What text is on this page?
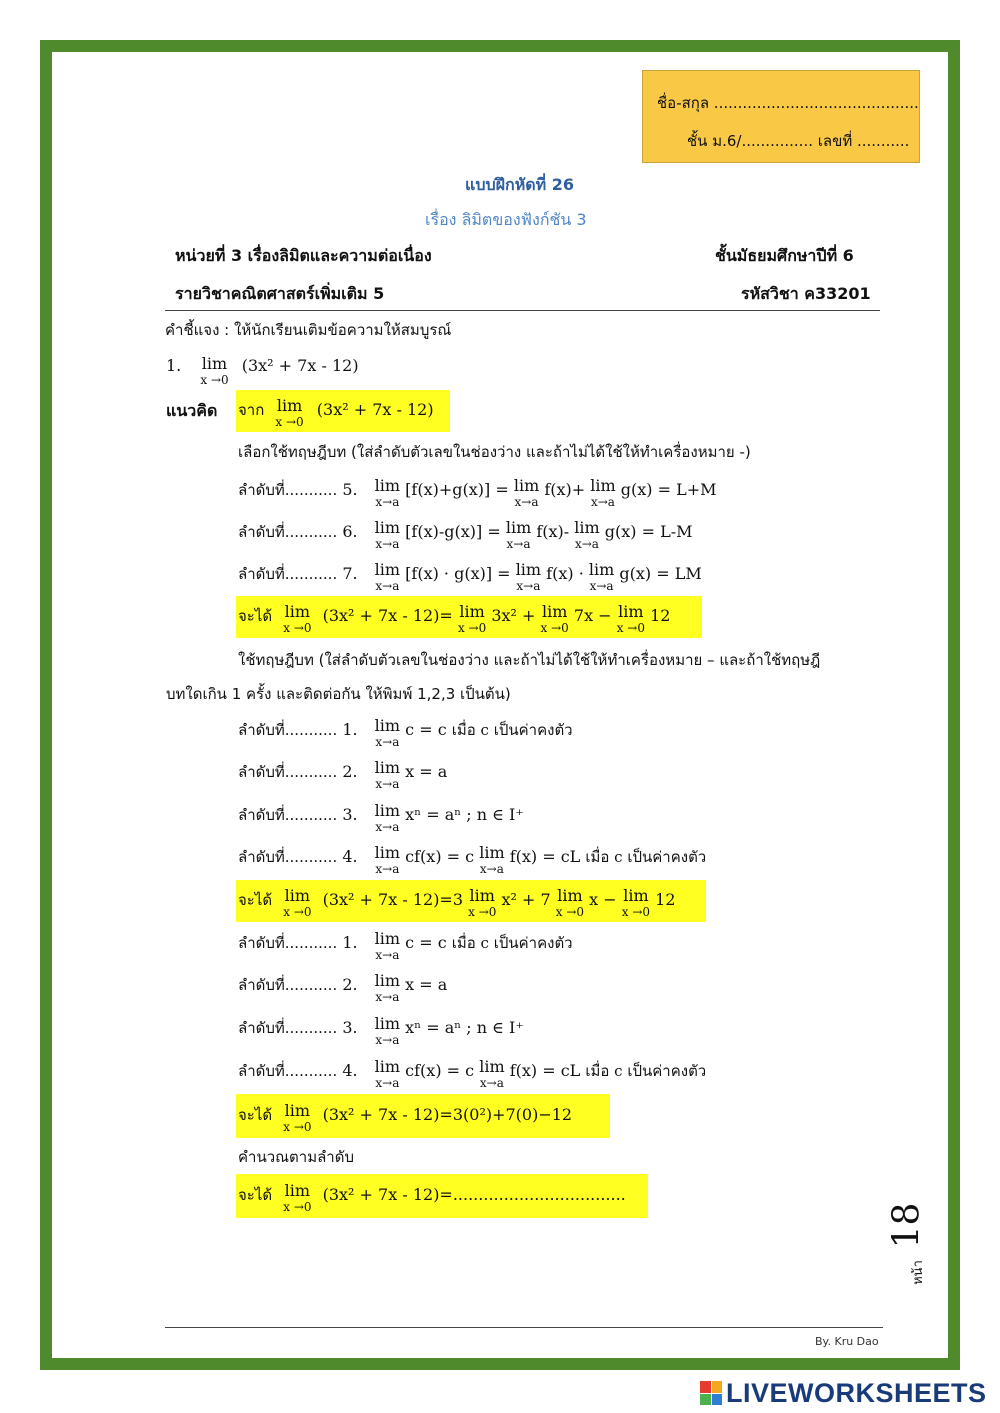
ชื่อ-สกุล ...........................................
ชั้น ม.6/............... เลขที่ ...........
แบบฝึกหัดที่ 26
เรื่อง ลิมิตของฟังก์ชัน 3
หน่วยที่ 3 เรื่องลิมิตและความต่อเนื่อง	ชั้นมัธยมศึกษาปีที่ 6
รายวิชาคณิตศาสตร์เพิ่มเติม 5	รหัสวิชา ค33201
คำชี้แจง : ให้นักเรียนเติมข้อความให้สมบูรณ์
1. lim
x →0
(3x² + 7x - 12)
แนวคิด จาก lim
x →0
(3x² + 7x - 12)
เลือกใช้ทฤษฎีบท (ใส่ลำดับตัวเลขในช่องว่าง และถ้าไม่ได้ใช้ให้ทำเครื่องหมาย -)
ลำดับที่........... 5. lim
x→a
[f(x)+g(x)] = lim
x→a
f(x)+ lim
x→a
g(x) = L+M
ลำดับที่........... 6. lim
x→a
[f(x)-g(x)] = lim
x→a
f(x)- lim
x→a
g(x) = L-M
ลำดับที่........... 7. lim
x→a
[f(x) · g(x)] = lim
x→a
f(x) · lim
x→a
g(x) = LM
จะได้ lim
x →0
(3x² + 7x - 12)= lim
x →0
3x² + lim
x →0
7x − lim
x →0
12
ใช้ทฤษฎีบท (ใส่ลำดับตัวเลขในช่องว่าง และถ้าไม่ได้ใช้ให้ทำเครื่องหมาย – และถ้าใช้ทฤษฎี
บทใดเกิน 1 ครั้ง และติดต่อกัน ให้พิมพ์ 1,2,3 เป็นต้น)
ลำดับที่........... 1. lim
x→a
c = c เมื่อ c เป็นค่าคงตัว
ลำดับที่........... 2. lim
x→a
x = a
ลำดับที่........... 3. lim
x→a
xⁿ = aⁿ ; n ∈ I⁺
ลำดับที่........... 4. lim
x→a
cf(x) = c lim
x→a
f(x) = cL เมื่อ c เป็นค่าคงตัว
จะได้ lim
x →0
(3x² + 7x - 12)=3 lim
x →0
x² + 7 lim
x →0
x − lim
x →0
12
ลำดับที่........... 1. lim
x→a
c = c เมื่อ c เป็นค่าคงตัว
ลำดับที่........... 2. lim
x→a
x = a
ลำดับที่........... 3. lim
x→a
xⁿ = aⁿ ; n ∈ I⁺
ลำดับที่........... 4. lim
x→a
cf(x) = c lim
x→a
f(x) = cL เมื่อ c เป็นค่าคงตัว
จะได้ lim
x →0
(3x² + 7x - 12)=3(0²)+7(0)−12
คำนวณตามลำดับ
จะได้ lim
x →0
(3x² + 7x - 12)=..................................
18
หน้า
By. Kru Dao
LIVEWORKSHEETS
